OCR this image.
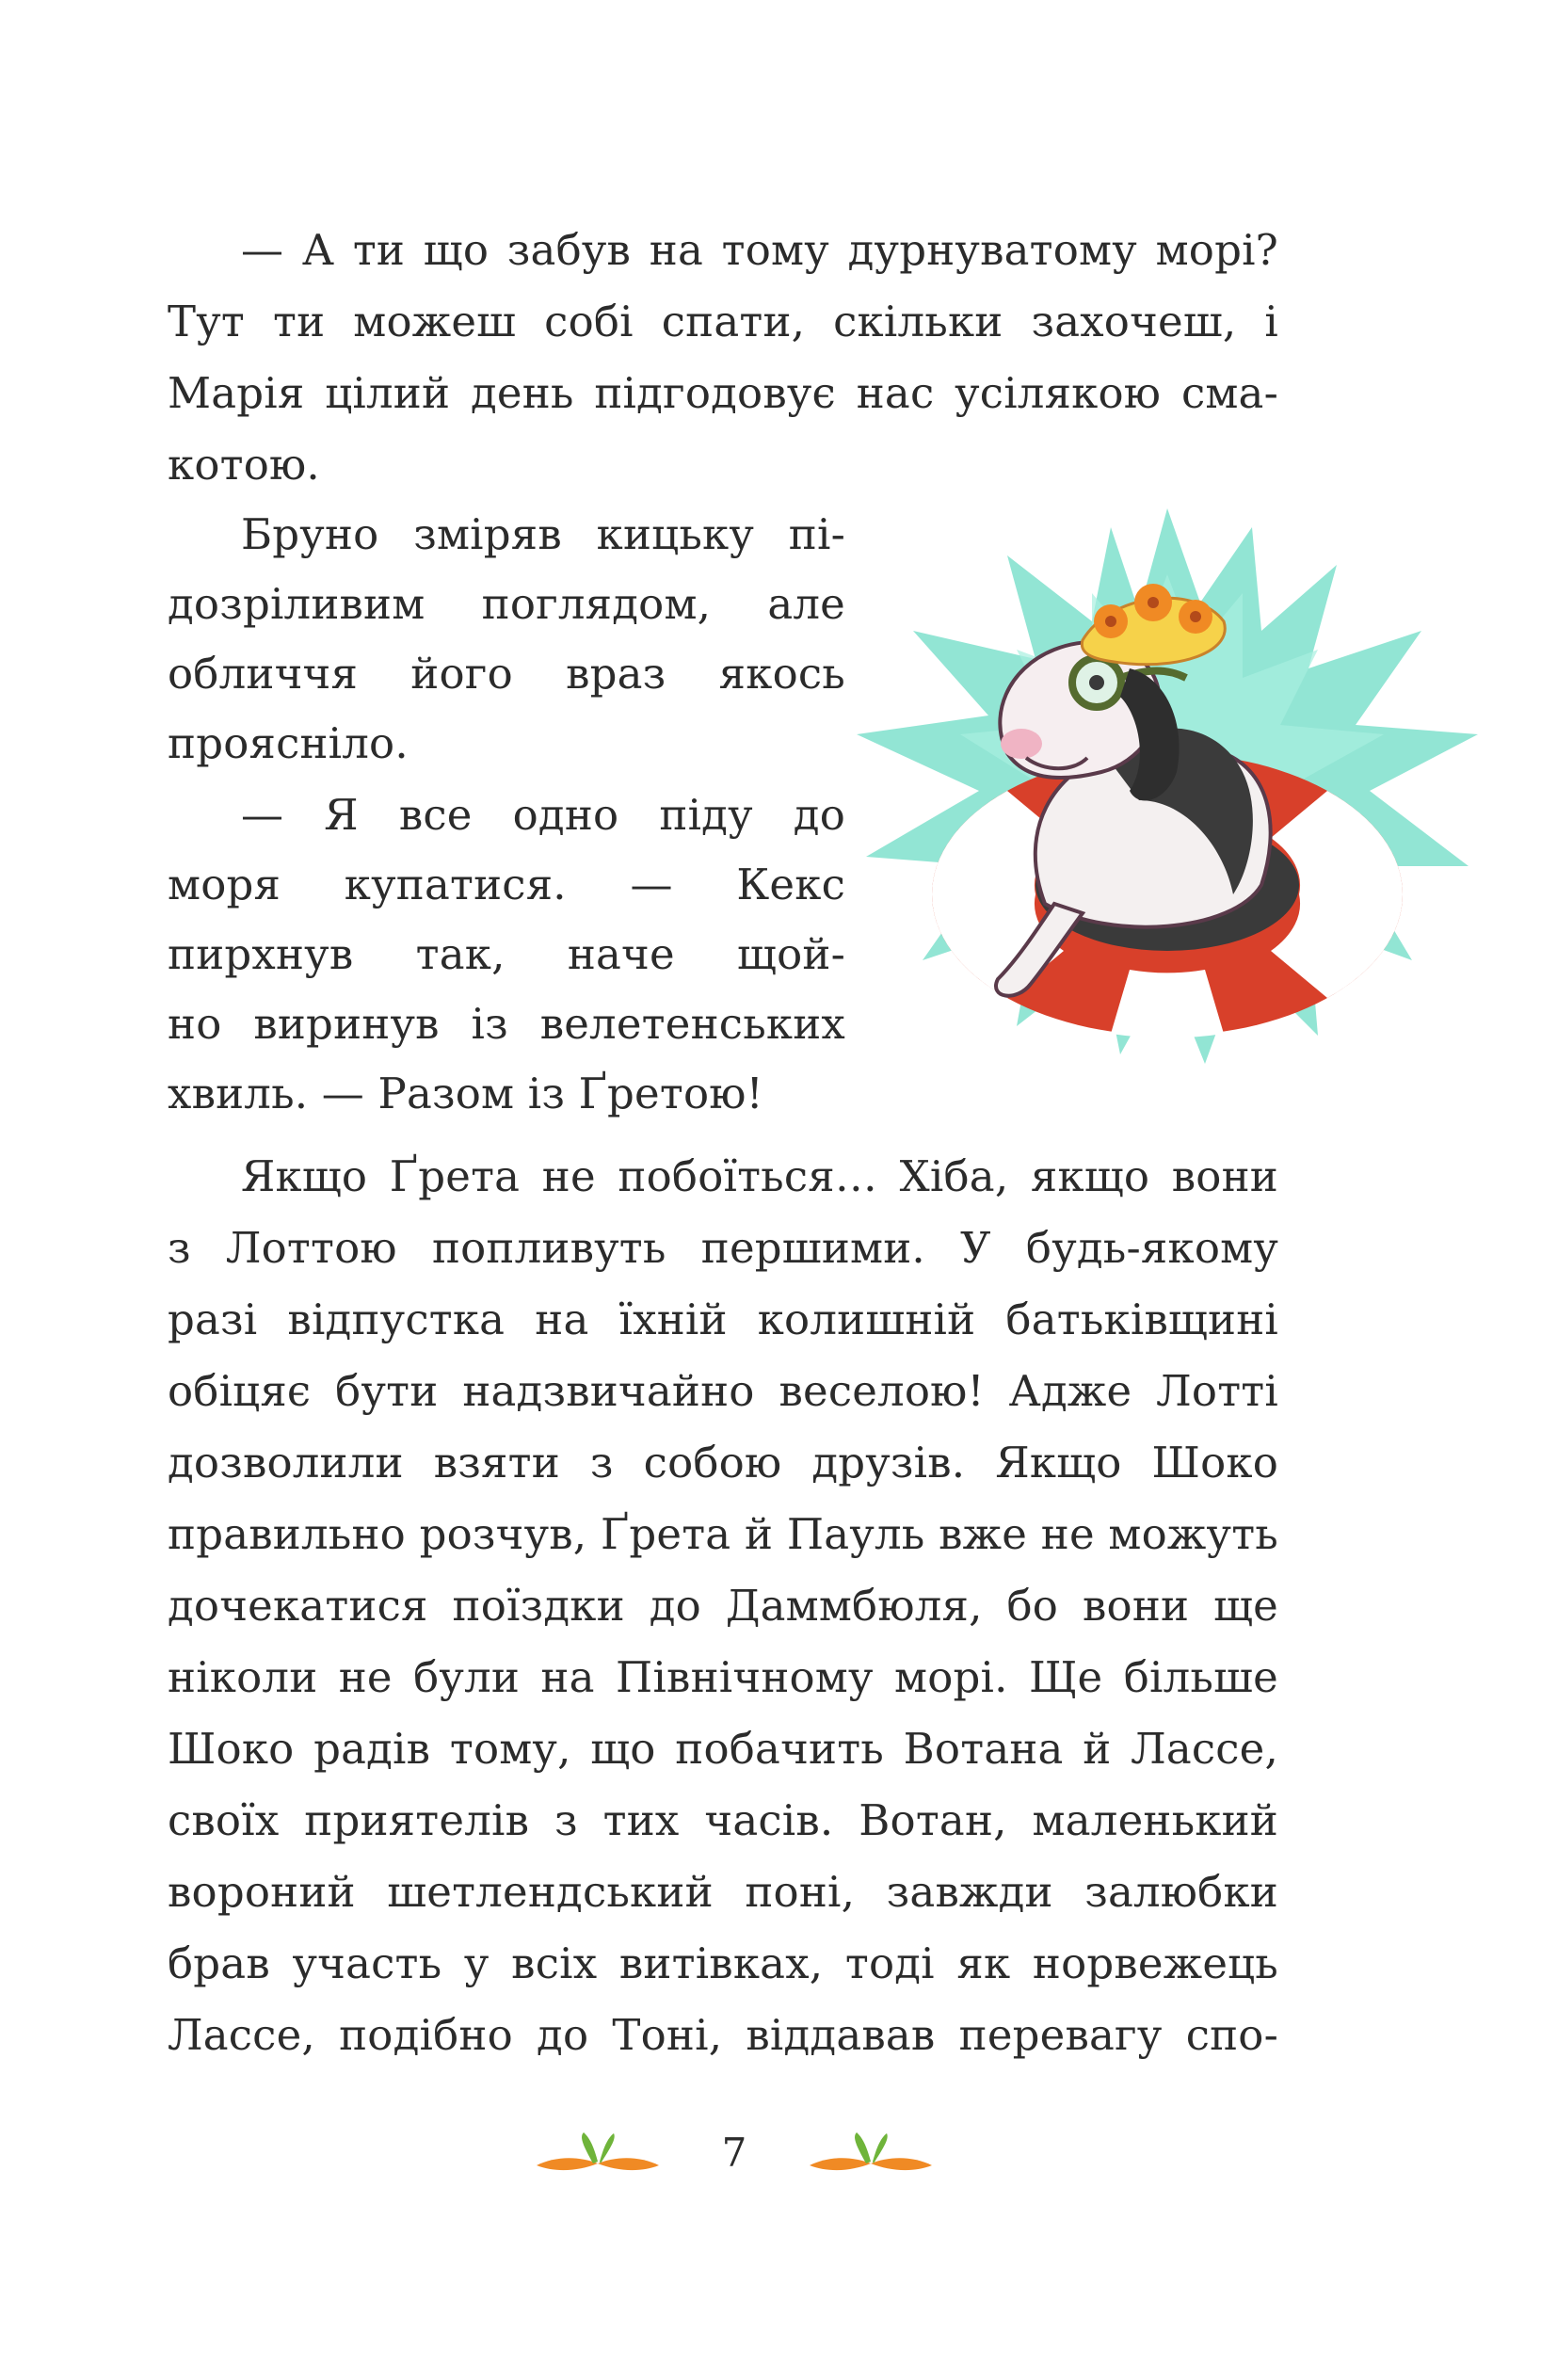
— А ти що забув на тому дурнуватому морі?
Тут ти можеш собі спати, скільки захочеш, і
Марія цілий день підгодовує нас усілякою сма-
котою.
Бруно зміряв кицьку пі-
дозріливим поглядом, але
обличчя його враз якось
прояснiло.
— Я все одно піду до
моря купатися. — Кекс
пирхнув так, наче щой-
но виринув із велетенських
хвиль. — Разом із Ґретою!
Якщо Ґрета не побоїться… Хіба, якщо вони
з Лоттою попливуть першими. У будь-якому
разі відпустка на їхній колишній батьківщині
обіцяє бути надзвичайно веселою! Адже Лотті
дозволили взяти з собою друзів. Якщо Шоко
правильно розчув, Ґрета й Пауль вже не можуть
дочекатися поїздки до Даммбюля, бо вони ще
ніколи не були на Північному морі. Ще більше
Шоко радів тому, що побачить Вотана й Лассе,
своїх приятелів з тих часів. Вотан, маленький
вороний шетлендський поні, завжди залюбки
брав участь у всіх витівках, тоді як норвежець
Лассе, подібно до Тоні, віддавав перевагу спо-
7
